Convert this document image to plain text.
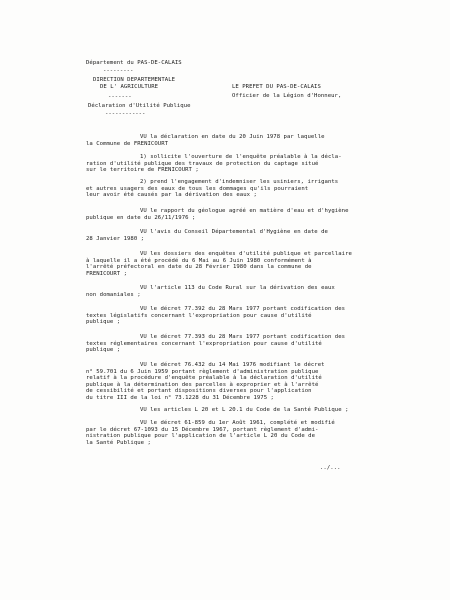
Département du PAS-DE-CALAIS
---------
DIRECTION DEPARTEMENTALE
DE L' AGRICULTURE
-------
Déclaration d'Utilité Publique
------------
LE PREFET DU PAS-DE-CALAIS
Officier de la Légion d'Honneur,
VU la déclaration en date du 20 Juin 1978 par laquelle
la Commune de FRENICOURT
1) sollicite l'ouverture de l'enquête préalable à la décla-
ration d'utilité publique des travaux de protection du captage situé
sur le territoire de FRENICOURT ;
2) prend l'engagement d'indemniser les usiniers, irrigants
et autres usagers des eaux de tous les dommages qu'ils pourraient
leur avoir été causés par la dérivation des eaux ;
VU le rapport du géologue agréé en matière d'eau et d'hygiène
publique en date du 26/11/1976 ;
VU l'avis du Conseil Départemental d'Hygiène en date de
28 Janvier 1980 ;
VU les dossiers des enquêtes d'utilité publique et parcellaire
à laquelle il a été procédé du 6 Mai au 6 Juin 1980 conformément à
l'arrêté préfectoral en date du 28 Février 1980 dans la commune de
FRENICOURT ;
VU l'article 113 du Code Rural sur la dérivation des eaux
non domaniales ;
VU le décret 77.392 du 28 Mars 1977 portant codification des
textes législatifs concernant l'expropriation pour cause d'utilité
publique ;
VU le décret 77.393 du 28 Mars 1977 portant codification des
textes réglementaires concernant l'expropriation pour cause d'utilité
publique ;
VU le décret 76.432 du 14 Mai 1976 modifiant le décret
n° 59.701 du 6 Juin 1959 portant règlement d'administration publique
relatif à la procédure d'enquête préalable à la déclaration d'utilité
publique à la détermination des parcelles à exproprier et à l'arrêté
de cessibilité et portant dispositions diverses pour l'application
du titre III de la loi n° 73.1228 du 31 Décembre 1975 ;
VU les articles L 20 et L 20.1 du Code de la Santé Publique ;
VU le décret 61-859 du 1er Août 1961, complété et modifié
par le décret 67-1093 du 15 Décembre 1967, portant règlement d'admi-
nistration publique pour l'application de l'article L 20 du Code de
la Santé Publique ;
../...
